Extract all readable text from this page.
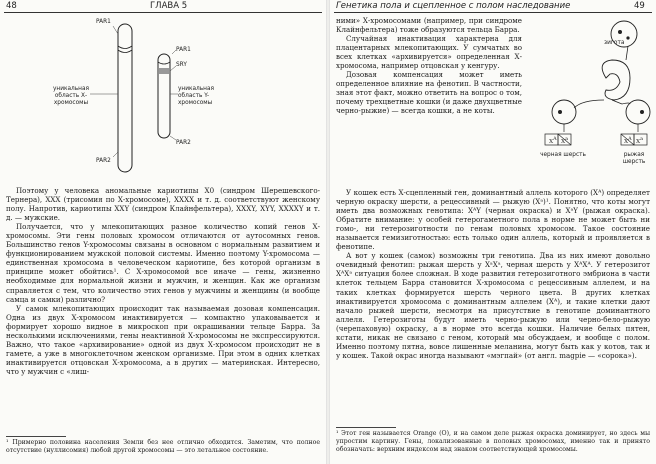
48	ГЛАВА 5
PAR1
PAR1
SRY
уникальная область Х-хромосомы
уникальная область Y-хромосомы
PAR2
PAR2

Поэтому у человека аномальные кариотипы Х0 (синдром Шерешевского-Тернера), ХХХ (трисомия по Х-хромосоме), ХХХХ и т. д. соответствуют женскому полу. Напротив, кариотипы ХХY (синдром Клайнфельтера), ХХХY, ХYY, ХХХХY и т. д. — мужские.

Получается, что у млекопитающих разное количество копий генов Х-хромосомы. Эти гены половых хромосом отличаются от аутосомных генов. Большинство генов Y-хромосомы связаны в основном с нормальным развитием и функционированием мужской половой системы. Именно поэтому Y-хромосома — единственная хромосома в человеческом кариотипе, без которой организм в принципе может обойтись¹. С Х-хромосомой все иначе — гены, жизненно необходимые для нормальной жизни и мужчин, и женщин. Как же организм справляется с тем, что количество этих генов у мужчины и женщины (и вообще самца и самки) различно?

У самок млекопитающих происходит так называемая дозовая компенсация. Одна из двух Х-хромосом инактивируется — компактно упаковывается и формирует хорошо видное в микроскоп при окрашивании тельце Барра. За несколькими исключениями, гены неактивной Х-хромосомы не экспрессируются. Важно, что такое «архивирование» одной из двух Х-хромосом происходит не в гамете, а уже в многоклеточном женском организме. При этом в одних клетках инактивируется отцовская Х-хромосома, а в других — материнская. Интересно, что у мужчин с «лиш-

¹ Примерно половина населения Земли без нее отлично обходится. Заметим, что полное отсутствие (нуллисомия) любой другой хромосомы — это летальное состояние.
Генетика пола и сцепленное с полом наследование	49

ними» Х-хромосомами (например, при синдроме Клайнфельтера) тоже образуются тельца Барра.

Случайная инактивация характерна для плацентарных млекопитающих. У сумчатых во всех клетках «архивируется» определенная Х-хромосома, например отцовская у кенгуру.

Дозовая компенсация может иметь определенное влияние на фенотип. В частности, зная этот факт, можно ответить на вопрос о том, почему трехцветные кошки (и даже двухцветные черно-рыжие) — всегда кошки, а не коты.

зигота
$X^A$ $X^a$	$X^A$ $X^a$
черная шерсть	рыжая шерсть

У кошек есть Х-сцепленный ген, доминантный аллель которого (Хᴬ) определяет черную окраску шерсти, а рецессивный — рыжую (Хᵃ)¹. Понятно, что коты могут иметь два возможных генотипа: ХᴬY (черная окраска) и ХᵃY (рыжая окраска). Обратите внимание: у особей гетерогаметного пола в норме не может быть ни гомо-, ни гетерозиготности по генам половых хромосом. Такое состояние называется гемизиготностью: есть только один аллель, который и проявляется в фенотипе.

А вот у кошек (самок) возможны три генотипа. Два из них имеют довольно очевидный фенотип: рыжая шерсть у ХᵃХᵃ, черная шерсть у ХᴬХᴬ. У гетерозигот ХᴬХᵃ ситуация более сложная. В ходе развития гетерозиготного эмбриона в части клеток тельцем Барра становится Х-хромосома с рецессивным аллелем, и на таких клетках формируется шерсть черного цвета. В других клетках инактивируется хромосома с доминантным аллелем (Хᴬ), и такие клетки дают начало рыжей шерсти, несмотря на присутствие в генотипе доминантного аллеля. Гетерозиготы будут иметь черно-рыжую или черно-бело-рыжую (черепаховую) окраску, а в норме это всегда кошки. Наличие белых пятен, кстати, никак не связано с геном, который мы обсуждаем, и вообще с полом. Именно поэтому пятна, вовсе лишенные меланина, могут быть как у котов, так и у кошек. Такой окрас иногда называют «мэгпай» (от англ. magpie — «сорока»).

¹ Этот ген называется Orange (О), и на самом деле рыжая окраска доминирует, но здесь мы упростим картину. Гены, локализованные в половых хромосомах, именно так и принято обозначать: верхним индексом над знаком соответствующей хромосомы.
